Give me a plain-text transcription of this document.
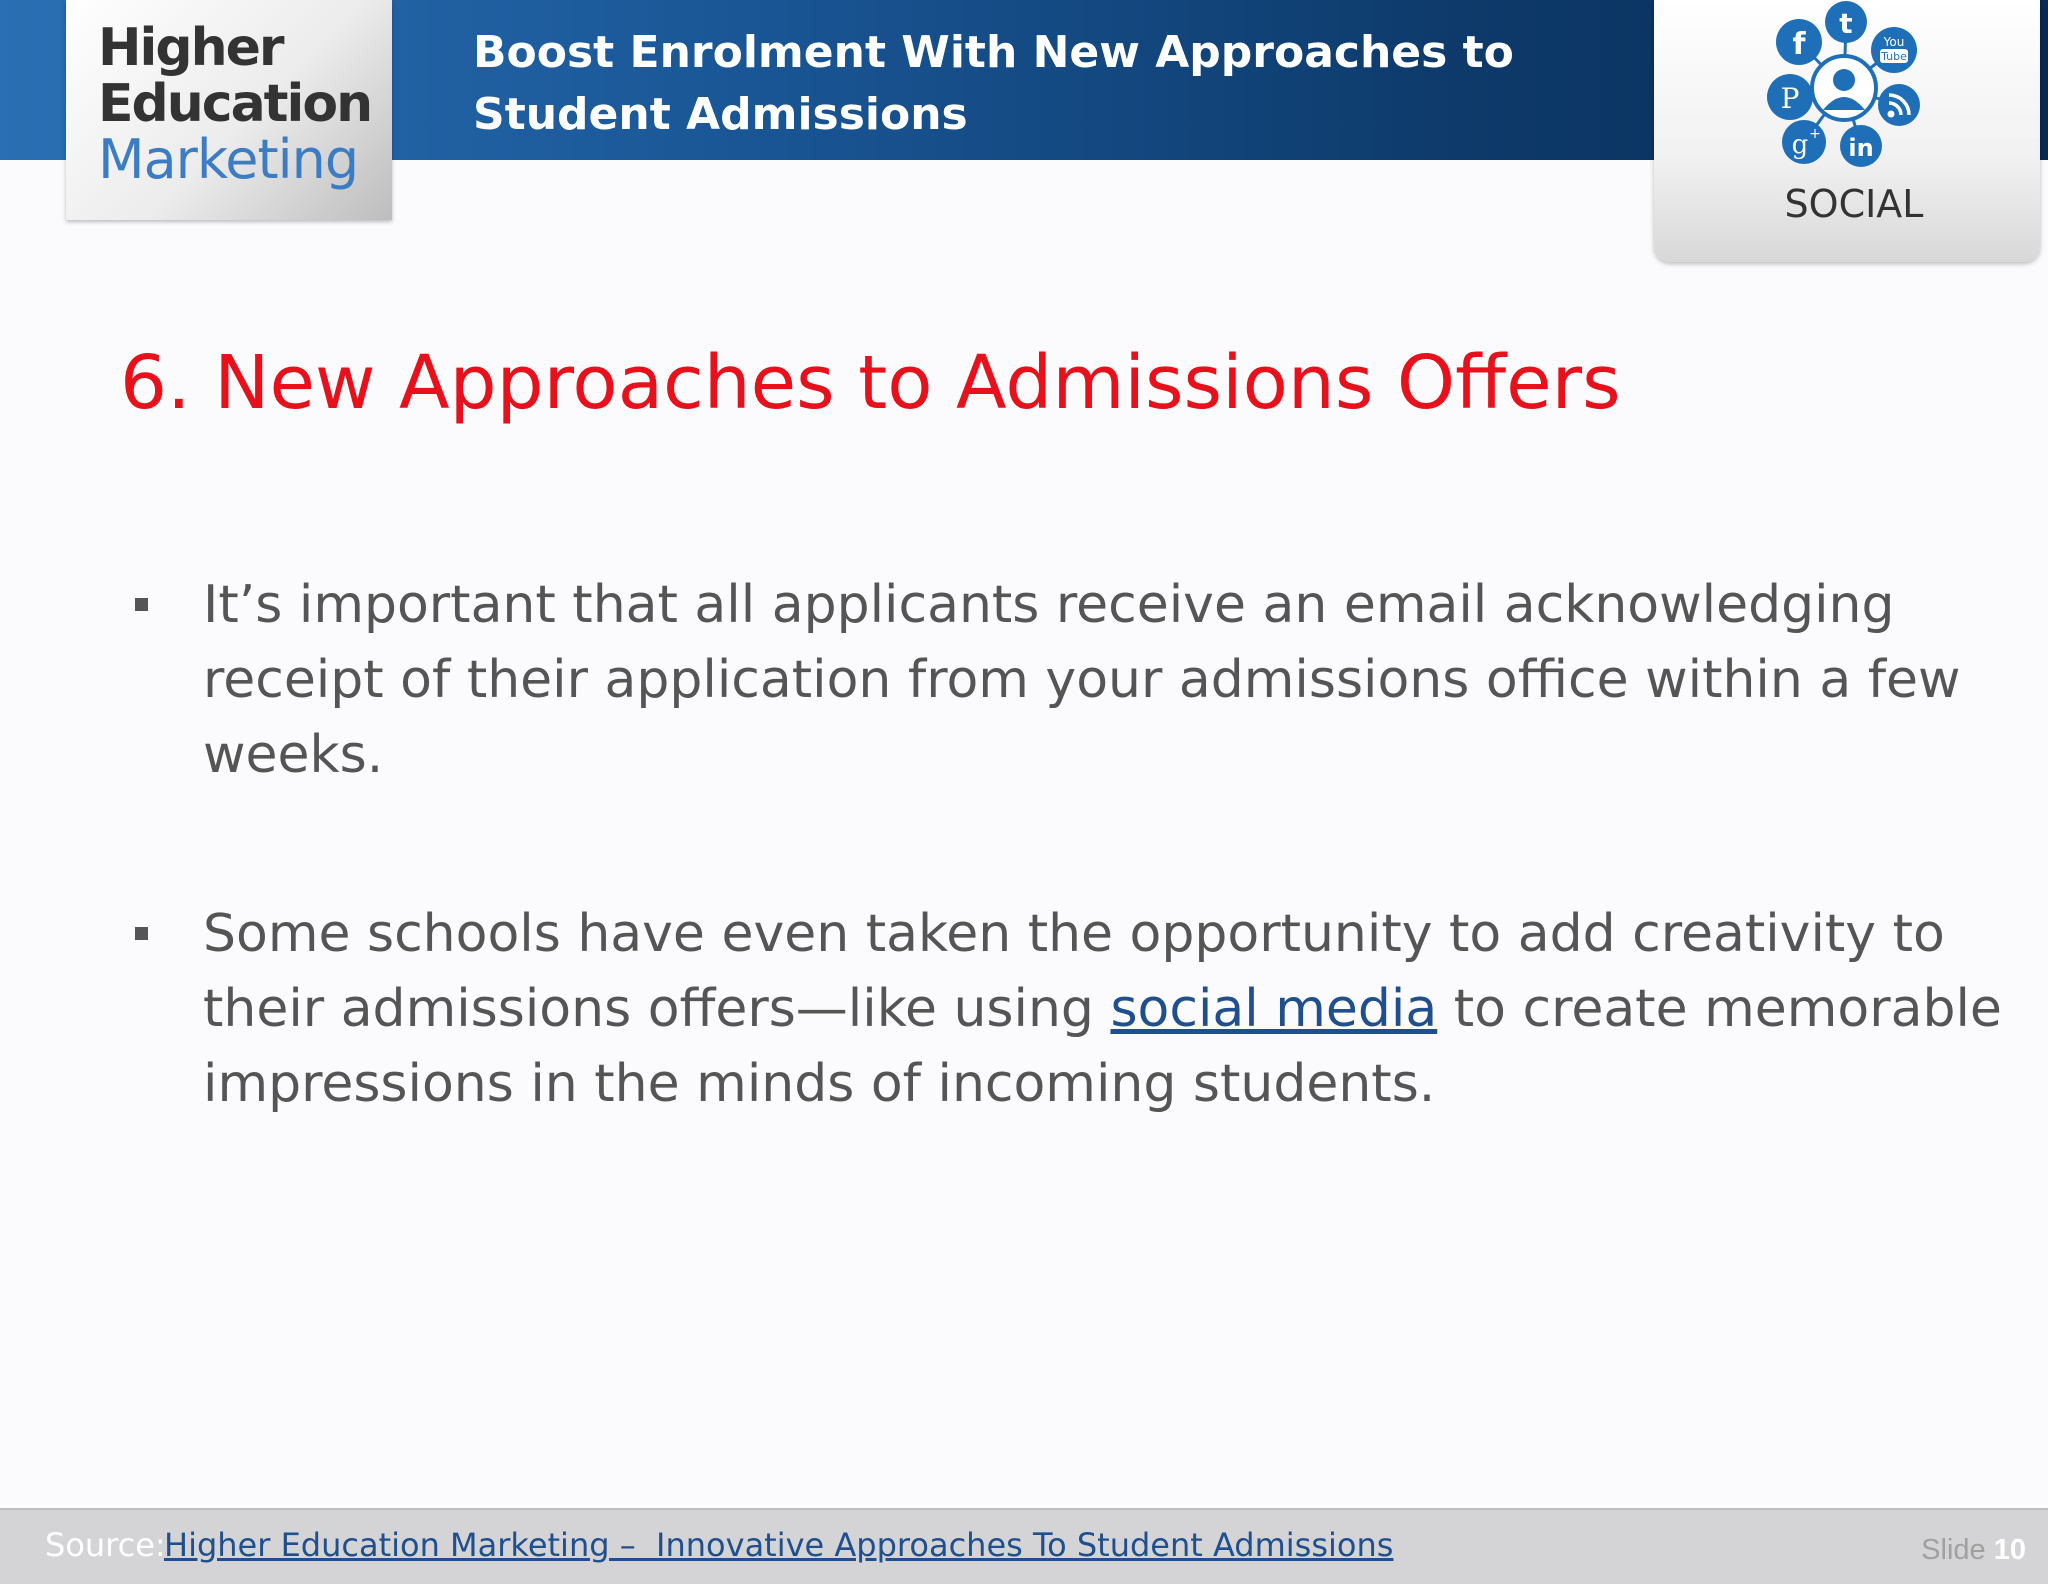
Higher
Education
Marketing
Boost Enrolment With New Approaches to Student Admissions
f
t
You
Tube
P
g + in
SOCIAL
6. New Approaches to Admissions Offers
It’s important that all applicants receive an email acknowledging receipt of their application from your admissions office within a few weeks.
Some schools have even taken the opportunity to add creativity to their admissions offers—like using social media to create memorable impressions in the minds of incoming students.
Source:
Higher Education Marketing –  Innovative Approaches To Student Admissions	Slide 10
